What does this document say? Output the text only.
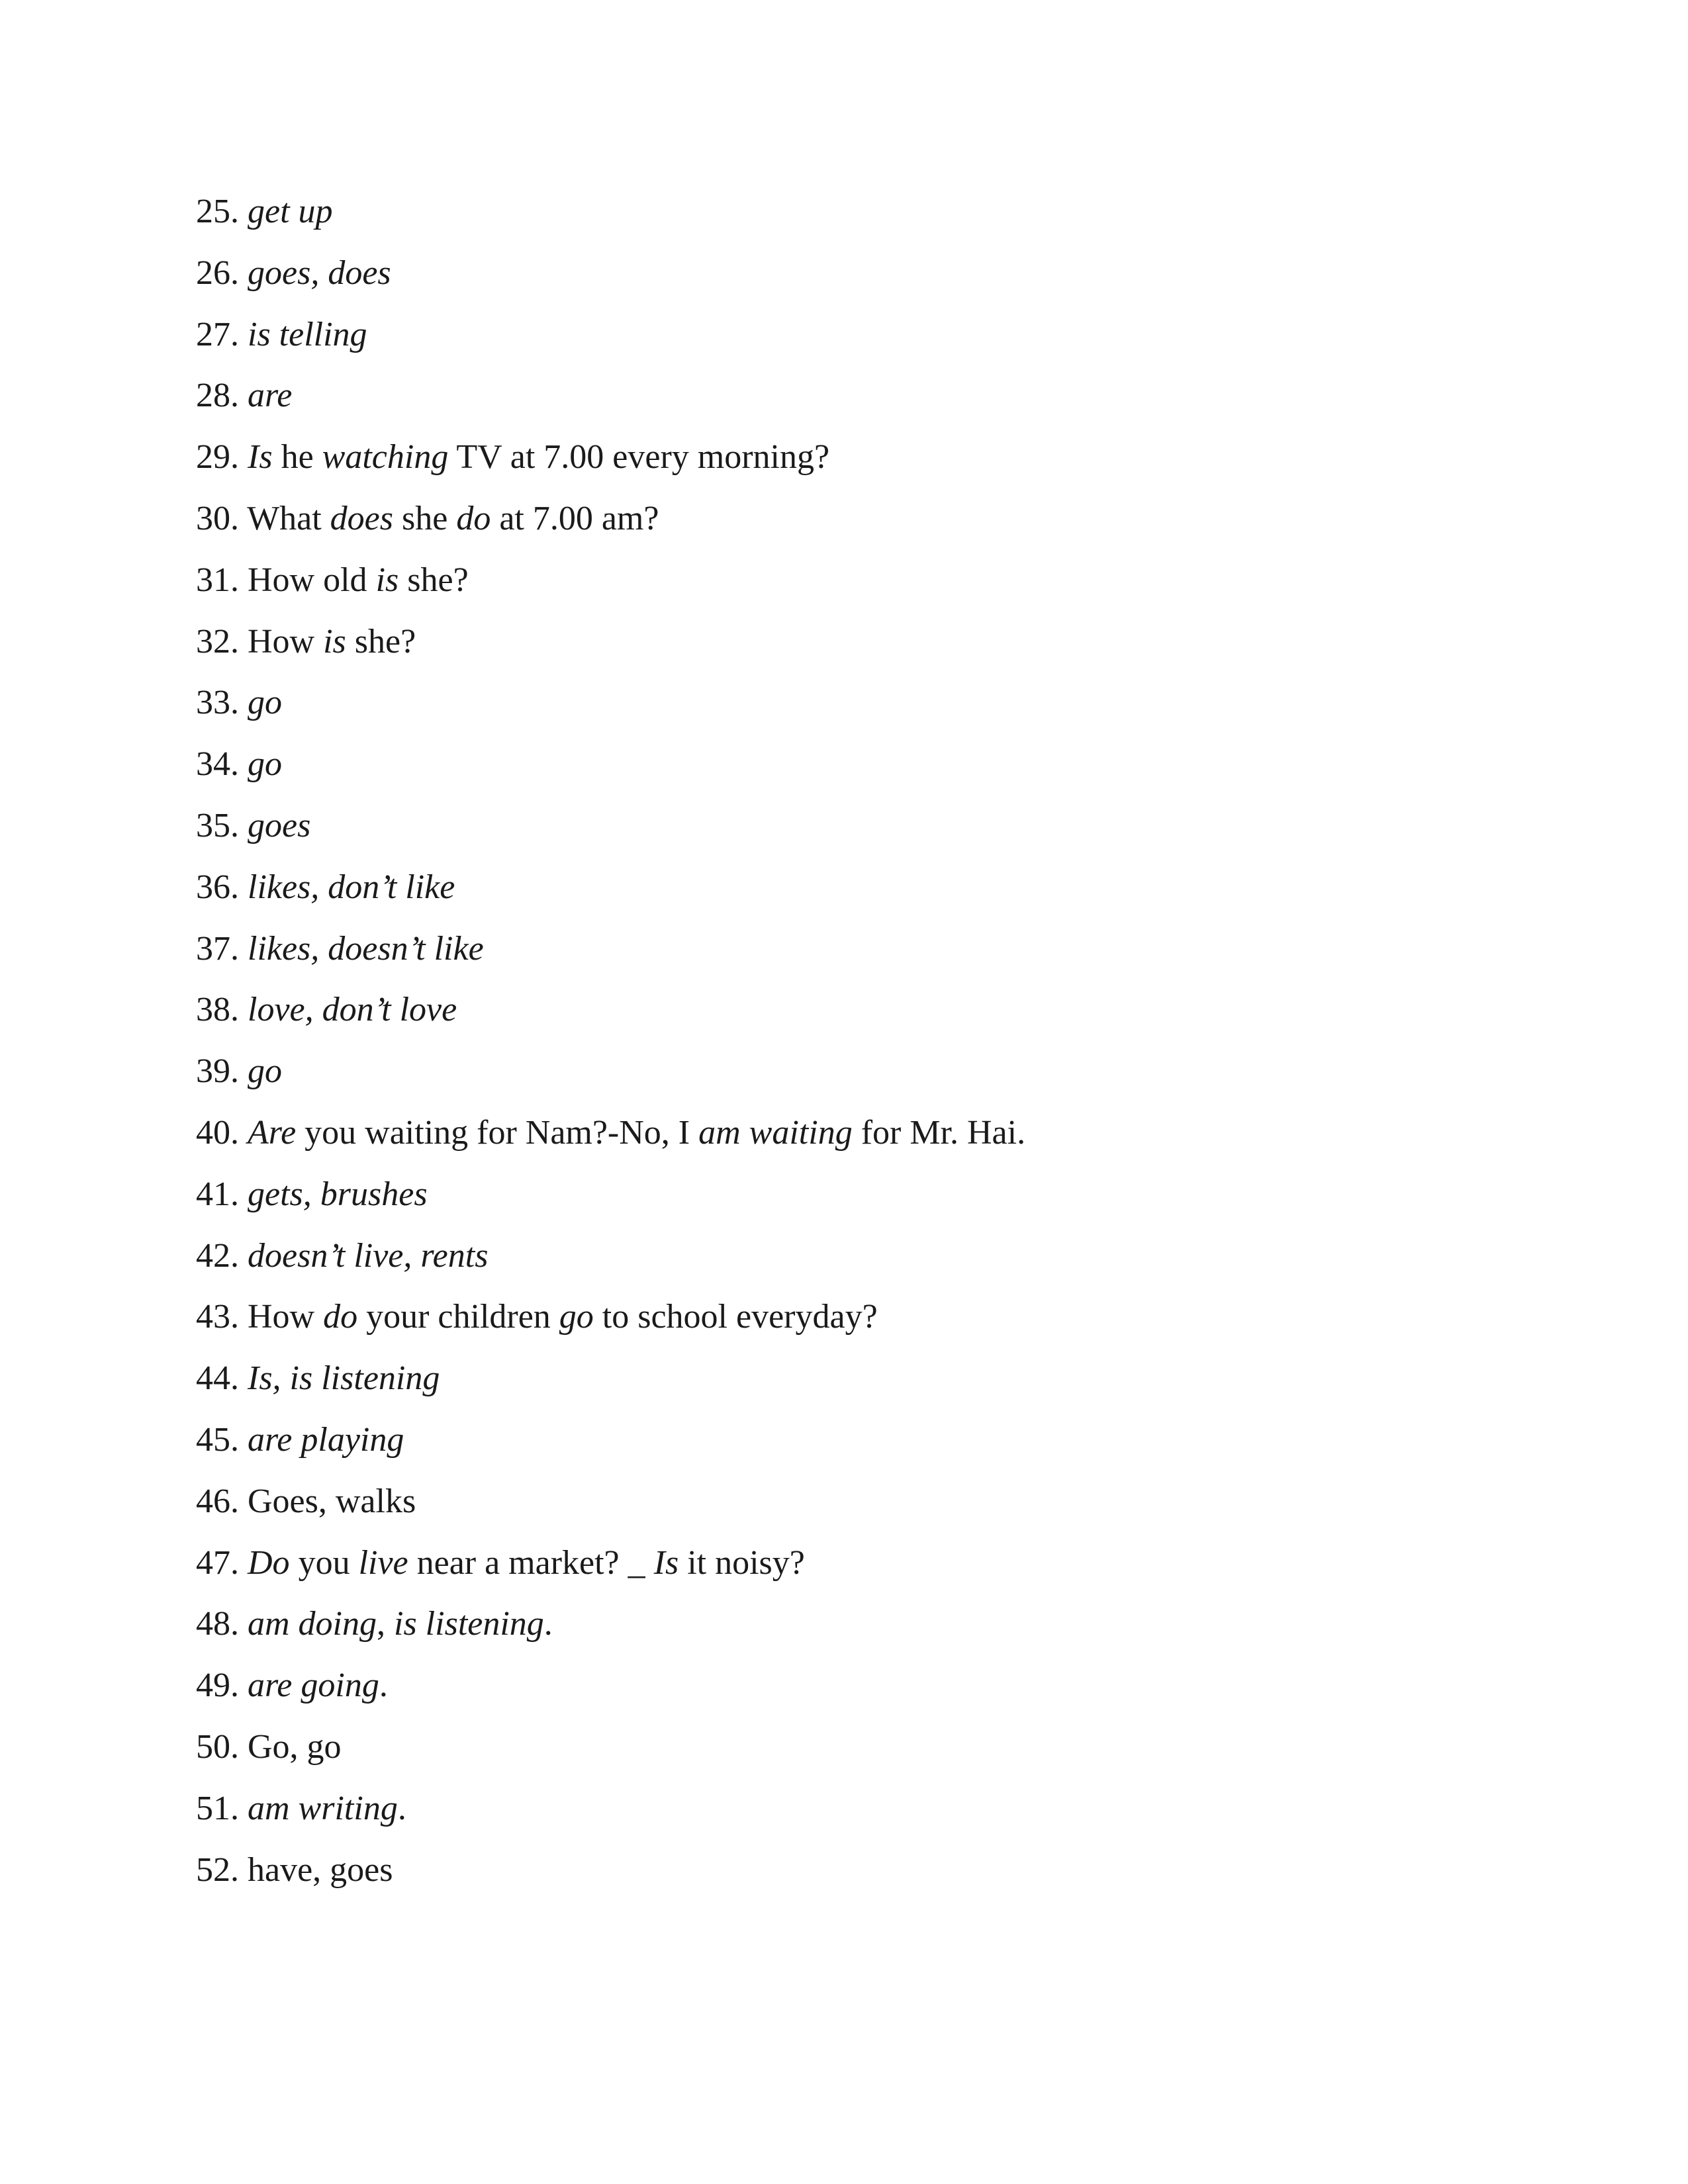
25. get up
26. goes, does
27. is telling
28. are
29. Is he watching TV at 7.00 every morning?
30. What does she do at 7.00 am?
31. How old is she?
32. How is she?
33. go
34. go
35. goes
36. likes, don’t like
37. likes, doesn’t like
38. love, don’t love
39. go
40. Are you waiting for Nam?-No, I am waiting for Mr. Hai.
41. gets, brushes
42. doesn’t live, rents
43. How do your children go to school everyday?
44. Is, is listening
45. are playing
46. Goes, walks
47. Do you live near a market? _ Is it noisy?
48. am doing, is listening.
49. are going.
50. Go, go
51. am writing.
52. have, goes
